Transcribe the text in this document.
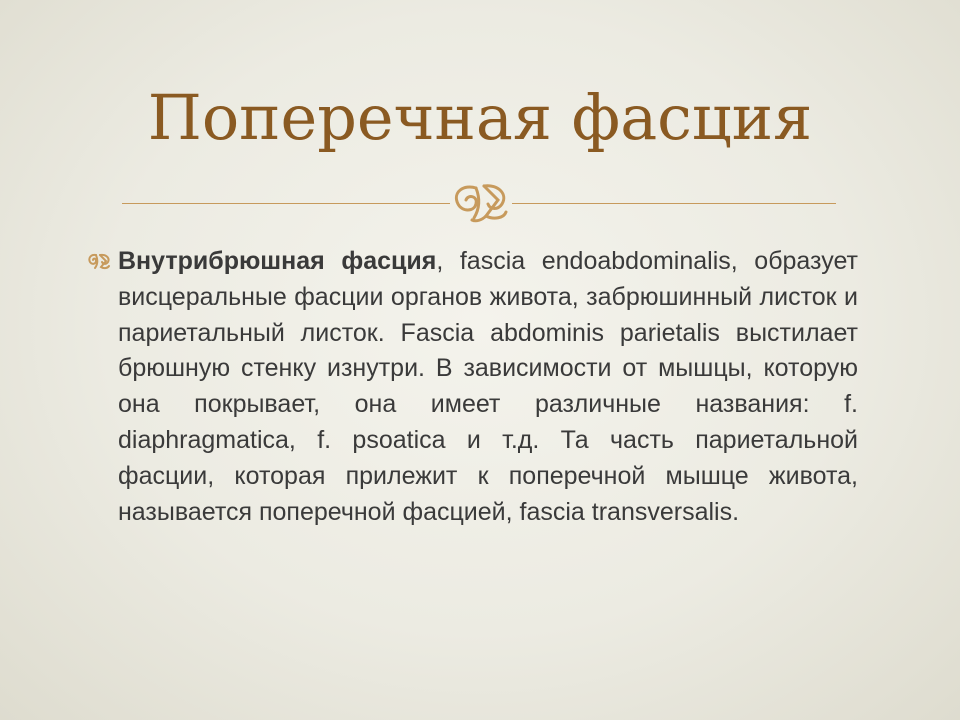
Поперечная фасция

Внутрибрюшная фасция, fascia endoabdominalis, образует висцеральные фасции органов живота, забрюшинный листок и париетальный листок. Fascia abdominis parietalis выстилает брюшную стенку изнутри. В зависимости от мышцы, которую она покрывает, она имеет различные названия: f. diaphragmatica, f. psoatica и т.д. Та часть париетальной фасции, которая прилежит к поперечной мышце живота, называется поперечной фасцией, fascia transversalis.
